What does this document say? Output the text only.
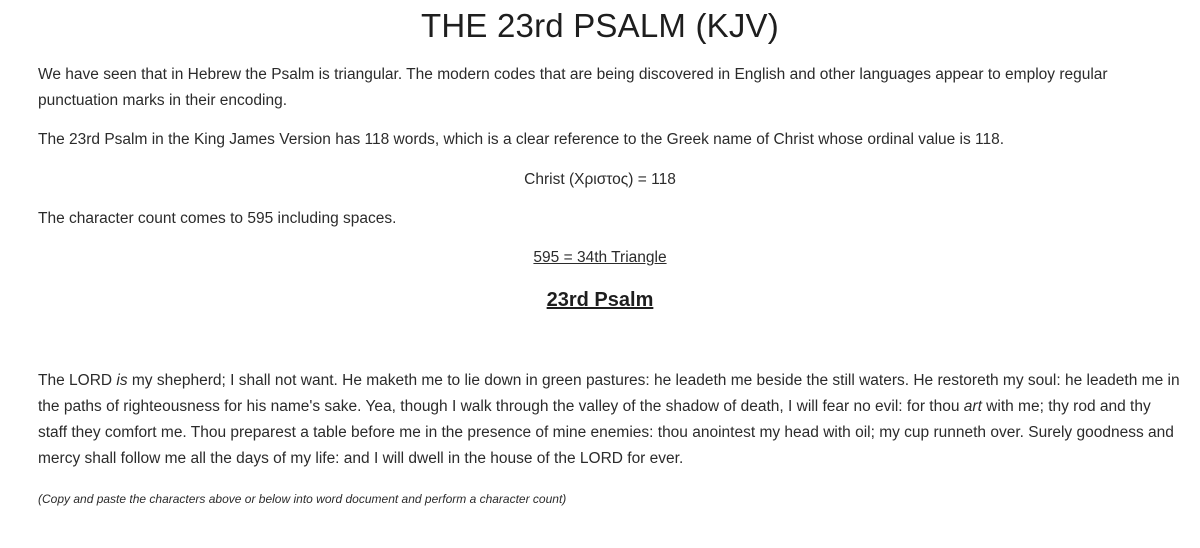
THE 23rd PSALM (KJV)

We have seen that in Hebrew the Psalm is triangular. The modern codes that are being discovered in English and other languages appear to employ regular punctuation marks in their encoding.

The 23rd Psalm in the King James Version has 118 words, which is a clear reference to the Greek name of Christ whose ordinal value is 118.

Christ (Χριστος) = 118

The character count comes to 595 including spaces.

595 = 34th Triangle

23rd Psalm

The LORD is my shepherd; I shall not want. He maketh me to lie down in green pastures: he leadeth me beside the still waters. He restoreth my soul: he leadeth me in the paths of righteousness for his name's sake. Yea, though I walk through the valley of the shadow of death, I will fear no evil: for thou art with me; thy rod and thy staff they comfort me. Thou preparest a table before me in the presence of mine enemies: thou anointest my head with oil; my cup runneth over. Surely goodness and mercy shall follow me all the days of my life: and I will dwell in the house of the LORD for ever.

(Copy and paste the characters above or below into word document and perform a character count)
